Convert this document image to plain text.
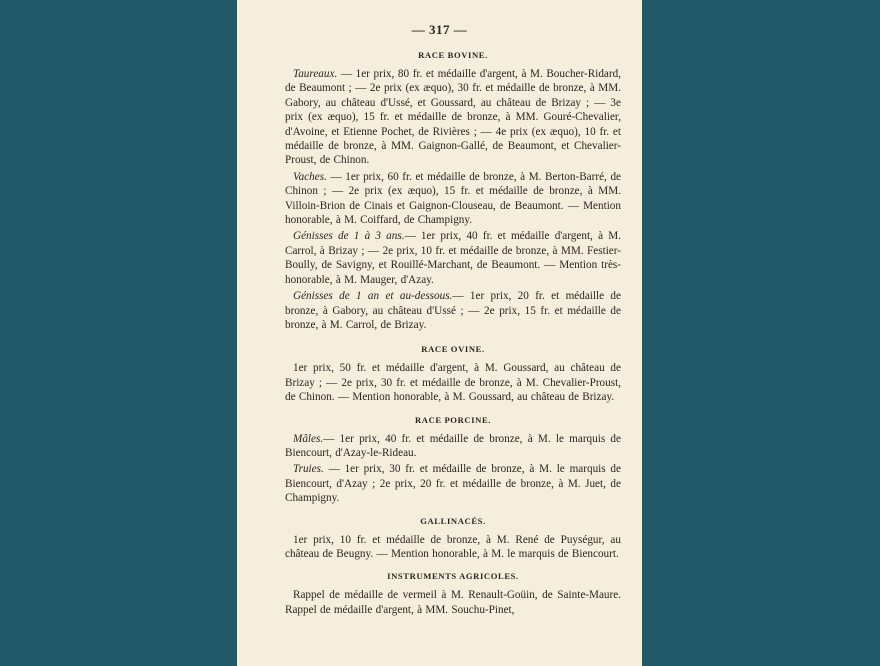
— 317 —
RACE BOVINE.

Taureaux. — 1er prix, 80 fr. et médaille d'argent, à M. Boucher-Ridard, de Beaumont ; — 2e prix (ex æquo), 30 fr. et médaille de bronze, à MM. Gabory, au château d'Ussé, et Goussard, au château de Brizay ; — 3e prix (ex æquo), 15 fr. et médaille de bronze, à MM. Gouré-Chevalier, d'Avoine, et Etienne Pochet, de Rivières ; — 4e prix (ex æquo), 10 fr. et médaille de bronze, à MM. Gaignon-Gallé, de Beaumont, et Chevalier-Proust, de Chinon.

Vaches. — 1er prix, 60 fr. et médaille de bronze, à M. Berton-Barré, de Chinon ; — 2e prix (ex æquo), 15 fr. et médaille de bronze, à MM. Villoin-Brion de Cinais et Gaignon-Clouseau, de Beaumont. — Mention honorable, à M. Coiffard, de Champigny.

Génisses de 1 à 3 ans.— 1er prix, 40 fr. et médaille d'argent, à M. Carrol, à Brizay ; — 2e prix, 10 fr. et médaille de bronze, à MM. Festier-Boully, de Savigny, et Rouillé-Marchant, de Beaumont. — Mention très-honorable, à M. Mauger, d'Azay.

Génisses de 1 an et au-dessous.— 1er prix, 20 fr. et médaille de bronze, à Gabory, au château d'Ussé ; — 2e prix, 15 fr. et médaille de bronze, à M. Carrol, de Brizay.

RACE OVINE.

1er prix, 50 fr. et médaille d'argent, à M. Goussard, au château de Brizay ; — 2e prix, 30 fr. et médaille de bronze, à M. Chevalier-Proust, de Chinon. — Mention honorable, à M. Goussard, au château de Brizay.

RACE PORCINE.

Mâles.— 1er prix, 40 fr. et médaille de bronze, à M. le marquis de Biencourt, d'Azay-le-Rideau.

Truies. — 1er prix, 30 fr. et médaille de bronze, à M. le marquis de Biencourt, d'Azay ; 2e prix, 20 fr. et médaille de bronze, à M. Juet, de Champigny.

GALLINACÉS.

1er prix, 10 fr. et médaille de bronze, à M. René de Puységur, au château de Beugny. — Mention honorable, à M. le marquis de Biencourt.

INSTRUMENTS AGRICOLES.

Rappel de médaille de vermeil à M. Renault-Goüin, de Sainte-Maure. Rappel de médaille d'argent, à MM. Souchu-Pinet,
